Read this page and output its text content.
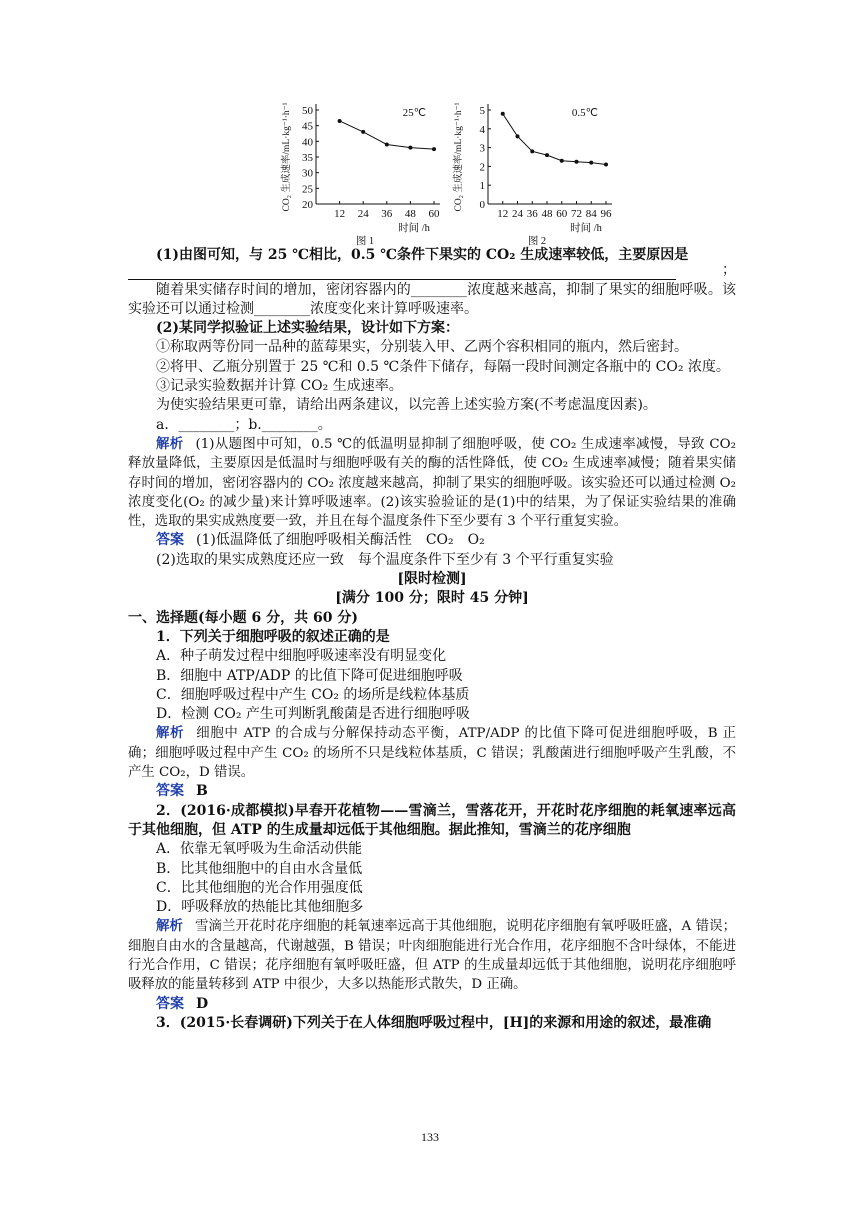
50
45
40
35
30
25
20
12 24 36 48 60
25℃
时间 /h
图 1
CO₂ 生成速率/mL·kg⁻¹·h⁻¹	5
4
3
2
1
0
12 24 36 48 60 72 84 96
0.5℃
时间 /h
图 2
CO₂ 生成速率/mL·kg⁻¹·h⁻¹

(1)由图可知，与 25 ℃相比，0.5 ℃条件下果实的 CO₂ 生成速率较低，主要原因是

；

随着果实储存时间的增加，密闭容器内的________浓度越来越高，抑制了果实的细胞呼吸。该实验还可以通过检测________浓度变化来计算呼吸速率。

(2)某同学拟验证上述实验结果，设计如下方案：

①称取两等份同一品种的蓝莓果实，分别装入甲、乙两个容积相同的瓶内，然后密封。

②将甲、乙瓶分别置于 25 ℃和 0.5 ℃条件下储存，每隔一段时间测定各瓶中的 CO₂ 浓度。

③记录实验数据并计算 CO₂ 生成速率。

为使实验结果更可靠，请给出两条建议，以完善上述实验方案(不考虑温度因素)。

a．________；b.________。

解析 (1)从题图中可知，0.5 ℃的低温明显抑制了细胞呼吸，使 CO₂ 生成速率减慢，导致 CO₂ 释放量降低，主要原因是低温时与细胞呼吸有关的酶的活性降低，使 CO₂ 生成速率减慢；随着果实储存时间的增加，密闭容器内的 CO₂ 浓度越来越高，抑制了果实的细胞呼吸。该实验还可以通过检测 O₂ 浓度变化(O₂ 的减少量)来计算呼吸速率。(2)该实验验证的是(1)中的结果，为了保证实验结果的准确性，选取的果实成熟度要一致，并且在每个温度条件下至少要有 3 个平行重复实验。

答案 (1)低温降低了细胞呼吸相关酶活性　CO₂　O₂

(2)选取的果实成熟度还应一致　每个温度条件下至少有 3 个平行重复实验

[限时检测]

[满分 100 分；限时 45 分钟]

一、选择题(每小题 6 分，共 60 分)

1．下列关于细胞呼吸的叙述正确的是

A．种子萌发过程中细胞呼吸速率没有明显变化

B．细胞中 ATP/ADP 的比值下降可促进细胞呼吸

C．细胞呼吸过程中产生 CO₂ 的场所是线粒体基质

D．检测 CO₂ 产生可判断乳酸菌是否进行细胞呼吸

解析 细胞中 ATP 的合成与分解保持动态平衡，ATP/ADP 的比值下降可促进细胞呼吸，B 正确；细胞呼吸过程中产生 CO₂ 的场所不只是线粒体基质，C 错误；乳酸菌进行细胞呼吸产生乳酸，不产生 CO₂，D 错误。

答案 B

2．(2016·成都模拟)早春开花植物——雪滴兰，雪落花开，开花时花序细胞的耗氧速率远高于其他细胞，但 ATP 的生成量却远低于其他细胞。据此推知，雪滴兰的花序细胞

A．依靠无氧呼吸为生命活动供能

B．比其他细胞中的自由水含量低

C．比其他细胞的光合作用强度低

D．呼吸释放的热能比其他细胞多

解析 雪滴兰开花时花序细胞的耗氧速率远高于其他细胞，说明花序细胞有氧呼吸旺盛，A 错误；细胞自由水的含量越高，代谢越强，B 错误；叶肉细胞能进行光合作用，花序细胞不含叶绿体，不能进行光合作用，C 错误；花序细胞有氧呼吸旺盛，但 ATP 的生成量却远低于其他细胞，说明花序细胞呼吸释放的能量转移到 ATP 中很少，大多以热能形式散失，D 正确。

答案 D

3．(2015·长春调研)下列关于在人体细胞呼吸过程中，[H]的来源和用途的叙述，最准确

133
